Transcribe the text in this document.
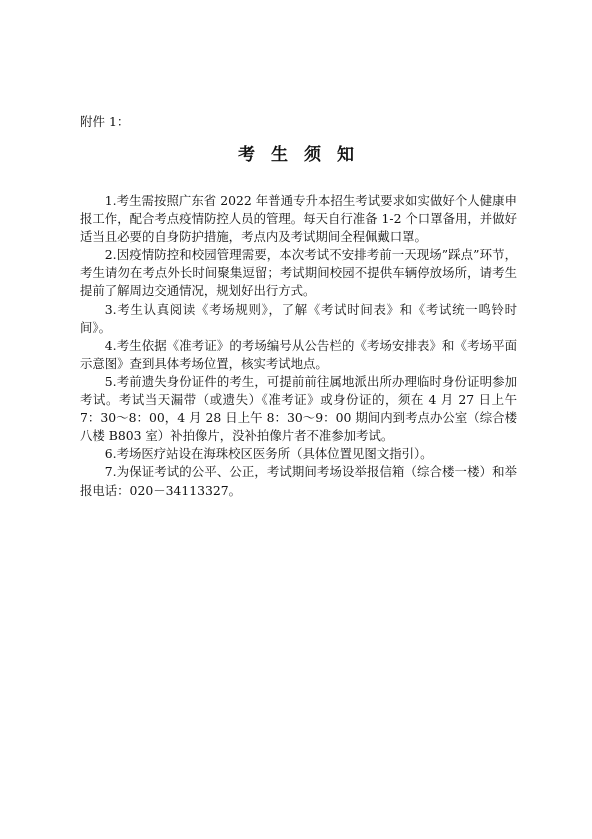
附件 1：
考生须知

1.考生需按照广东省 2022 年普通专升本招生考试要求如实做好个人健康申报工作，配合考点疫情防控人员的管理。每天自行准备 1-2 个口罩备用，并做好适当且必要的自身防护措施，考点内及考试期间全程佩戴口罩。

2.因疫情防控和校园管理需要，本次考试不安排考前一天现场”踩点”环节，考生请勿在考点外长时间聚集逗留；考试期间校园不提供车辆停放场所，请考生提前了解周边交通情况，规划好出行方式。

3.考生认真阅读《考场规则》，了解《考试时间表》和《考试统一鸣铃时间》。

4.考生依据《准考证》的考场编号从公告栏的《考场安排表》和《考场平面示意图》查到具体考场位置，核实考试地点。

5.考前遗失身份证件的考生，可提前前往属地派出所办理临时身份证明参加考试。考试当天漏带（或遗失）《准考证》或身份证的，须在 4 月 27 日上午 7：30～8：00，4 月 28 日上午 8：30～9：00 期间内到考点办公室（综合楼八楼 B803 室）补拍像片，没补拍像片者不准参加考试。

6.考场医疗站设在海珠校区医务所（具体位置见图文指引）。

7.为保证考试的公平、公正，考试期间考场设举报信箱（综合楼一楼）和举报电话：020－34113327。
